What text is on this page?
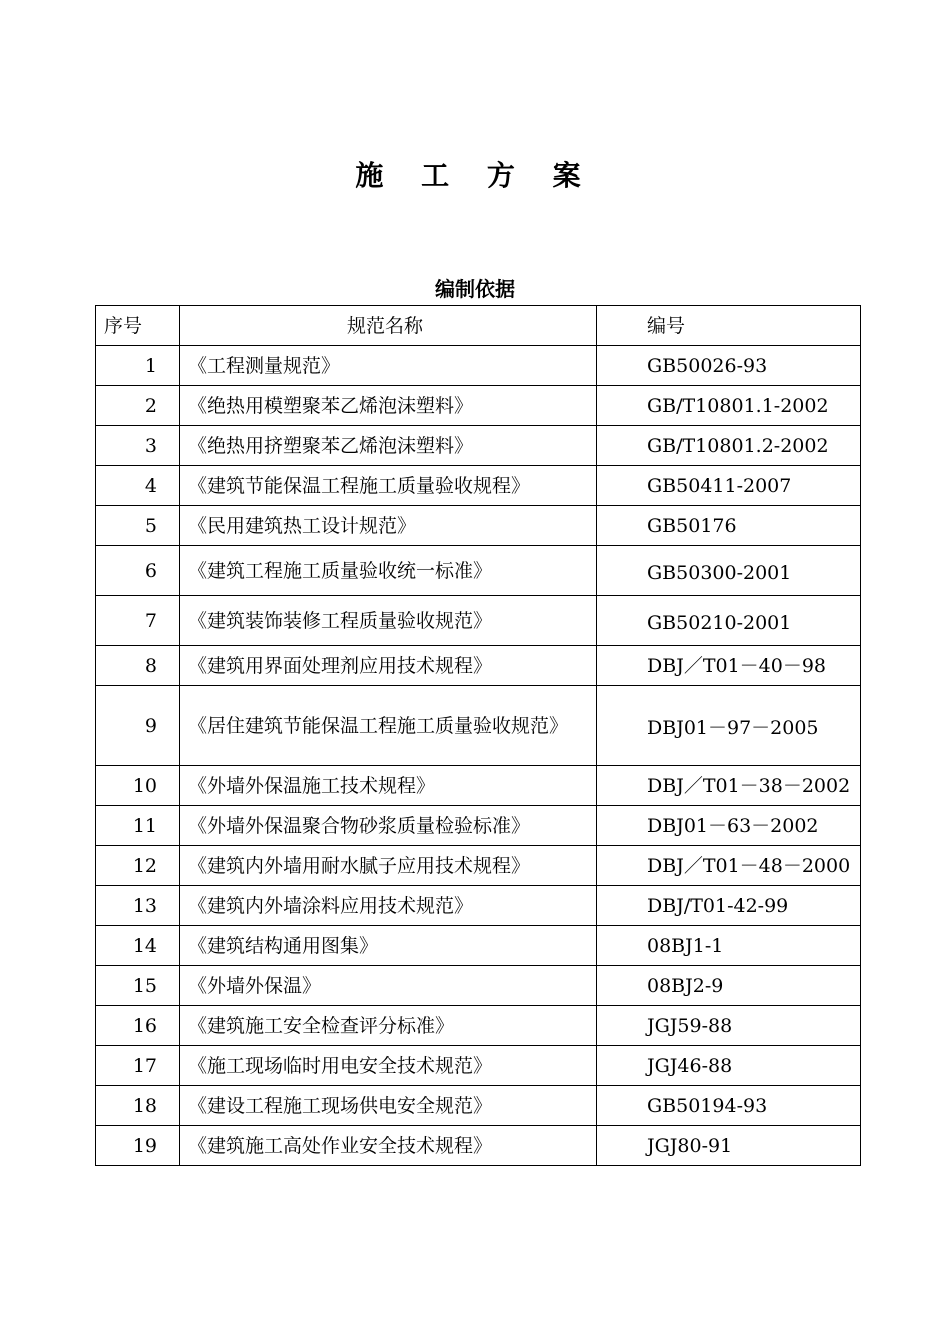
施 工 方 案
编制依据
序号	规范名称	编号
1	《工程测量规范》	GB50026-93
2	《绝热用模塑聚苯乙烯泡沫塑料》	GB/T10801.1-2002
3	《绝热用挤塑聚苯乙烯泡沫塑料》	GB/T10801.2-2002
4	《建筑节能保温工程施工质量验收规程》	GB50411-2007
5	《民用建筑热工设计规范》	GB50176
6	《建筑工程施工质量验收统一标准》	GB50300-2001
7	《建筑装饰装修工程质量验收规范》	GB50210-2001
8	《建筑用界面处理剂应用技术规程》	DBJ／T01－40－98
9	《居住建筑节能保温工程施工质量验收规范》	DBJ01－97－2005
10	《外墙外保温施工技术规程》	DBJ／T01－38－2002
11	《外墙外保温聚合物砂浆质量检验标准》	DBJ01－63－2002
12	《建筑内外墙用耐水腻子应用技术规程》	DBJ／T01－48－2000
13	《建筑内外墙涂料应用技术规范》	DBJ/T01-42-99
14	《建筑结构通用图集》	08BJ1-1
15	《外墙外保温》	08BJ2-9
16	《建筑施工安全检查评分标准》	JGJ59-88
17	《施工现场临时用电安全技术规范》	JGJ46-88
18	《建设工程施工现场供电安全规范》	GB50194-93
19	《建筑施工高处作业安全技术规程》	JGJ80-91
